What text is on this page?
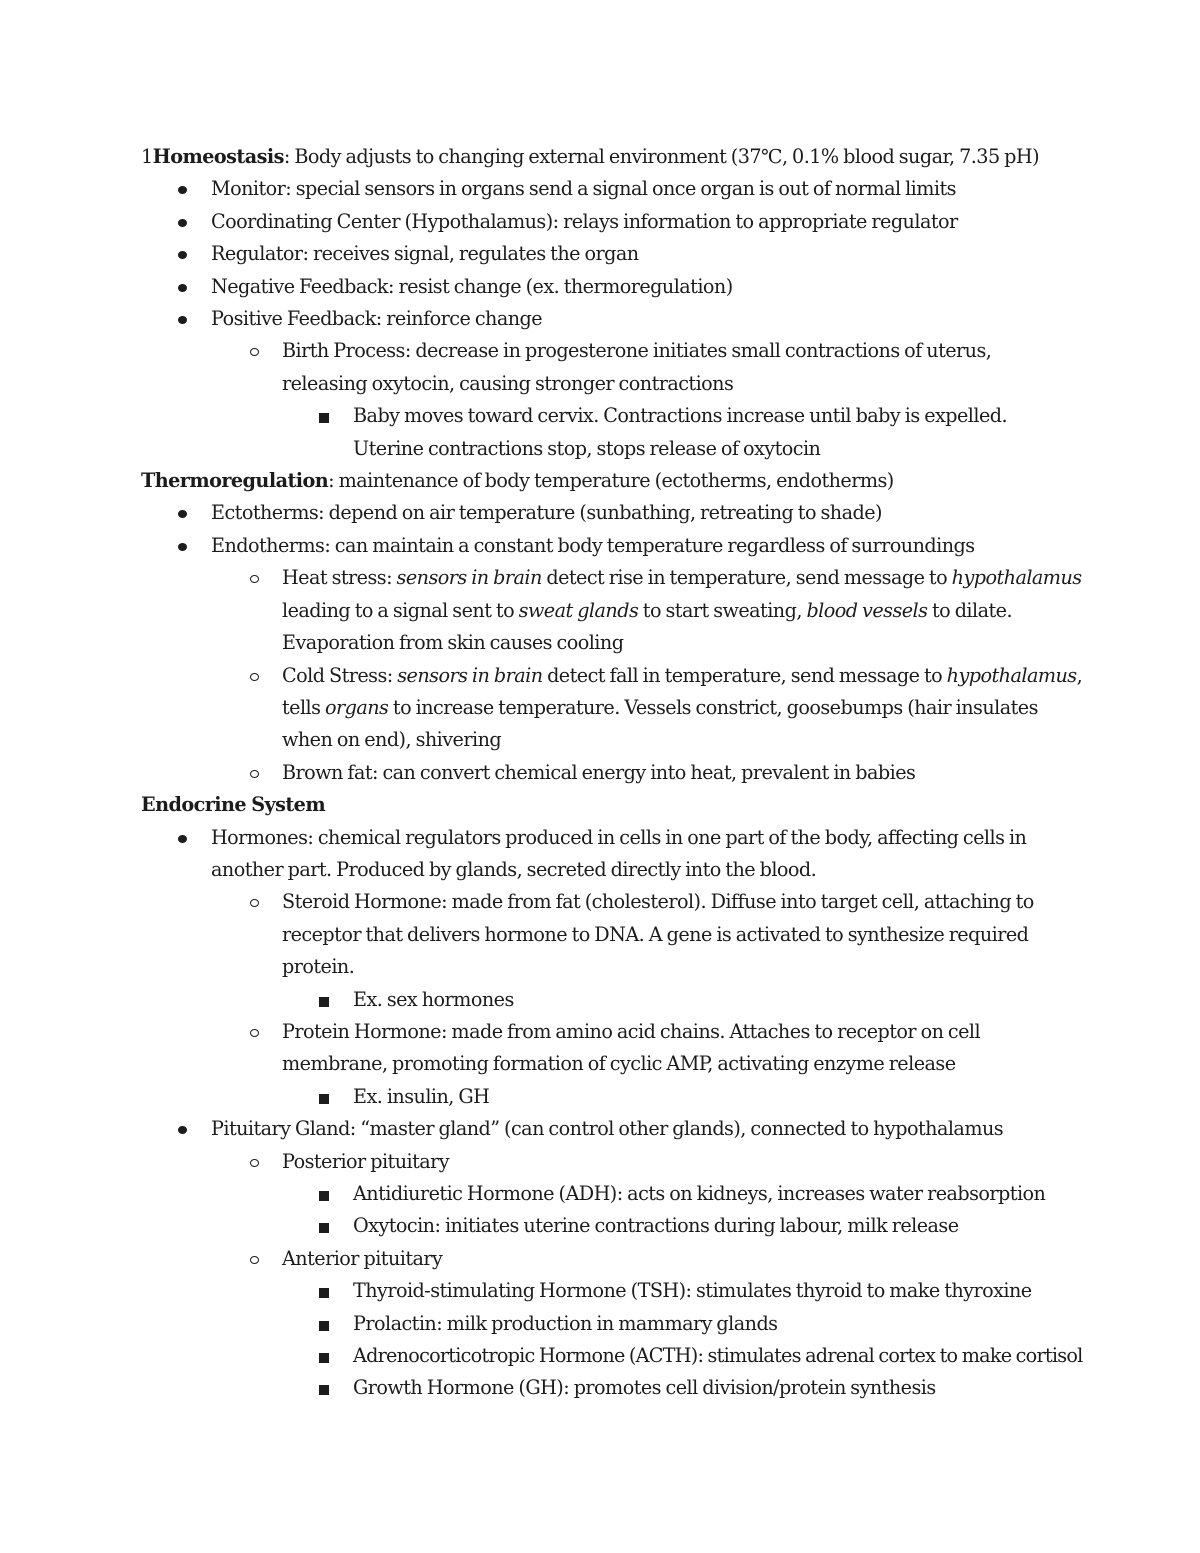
1Homeostasis: Body adjusts to changing external environment (37℃, 0.1% blood sugar, 7.35 pH)

Monitor: special sensors in organs send a signal once organ is out of normal limits
Coordinating Center (Hypothalamus): relays information to appropriate regulator
Regulator: receives signal, regulates the organ
Negative Feedback: resist change (ex. thermoregulation)
Positive Feedback: reinforce change
Birth Process: decrease in progesterone initiates small contractions of uterus, releasing oxytocin, causing stronger contractions
Baby moves toward cervix. Contractions increase until baby is expelled. Uterine contractions stop, stops release of oxytocin

Thermoregulation: maintenance of body temperature (ectotherms, endotherms)

Ectotherms: depend on air temperature (sunbathing, retreating to shade)
Endotherms: can maintain a constant body temperature regardless of surroundings
Heat stress: sensors in brain detect rise in temperature, send message to hypothalamus leading to a signal sent to sweat glands to start sweating, blood vessels to dilate. Evaporation from skin causes cooling
Cold Stress: sensors in brain detect fall in temperature, send message to hypothalamus, tells organs to increase temperature. Vessels constrict, goosebumps (hair insulates when on end), shivering
Brown fat: can convert chemical energy into heat, prevalent in babies

Endocrine System

Hormones: chemical regulators produced in cells in one part of the body, affecting cells in another part. Produced by glands, secreted directly into the blood.
Steroid Hormone: made from fat (cholesterol). Diffuse into target cell, attaching to receptor that delivers hormone to DNA. A gene is activated to synthesize required protein.
Ex. sex hormones
Protein Hormone: made from amino acid chains. Attaches to receptor on cell membrane, promoting formation of cyclic AMP, activating enzyme release
Ex. insulin, GH
Pituitary Gland: “master gland” (can control other glands), connected to hypothalamus
Posterior pituitary
Antidiuretic Hormone (ADH): acts on kidneys, increases water reabsorption
Oxytocin: initiates uterine contractions during labour, milk release
Anterior pituitary
Thyroid-stimulating Hormone (TSH): stimulates thyroid to make thyroxine
Prolactin: milk production in mammary glands
Adrenocorticotropic Hormone (ACTH): stimulates adrenal cortex to make cortisol
Growth Hormone (GH): promotes cell division/protein synthesis
